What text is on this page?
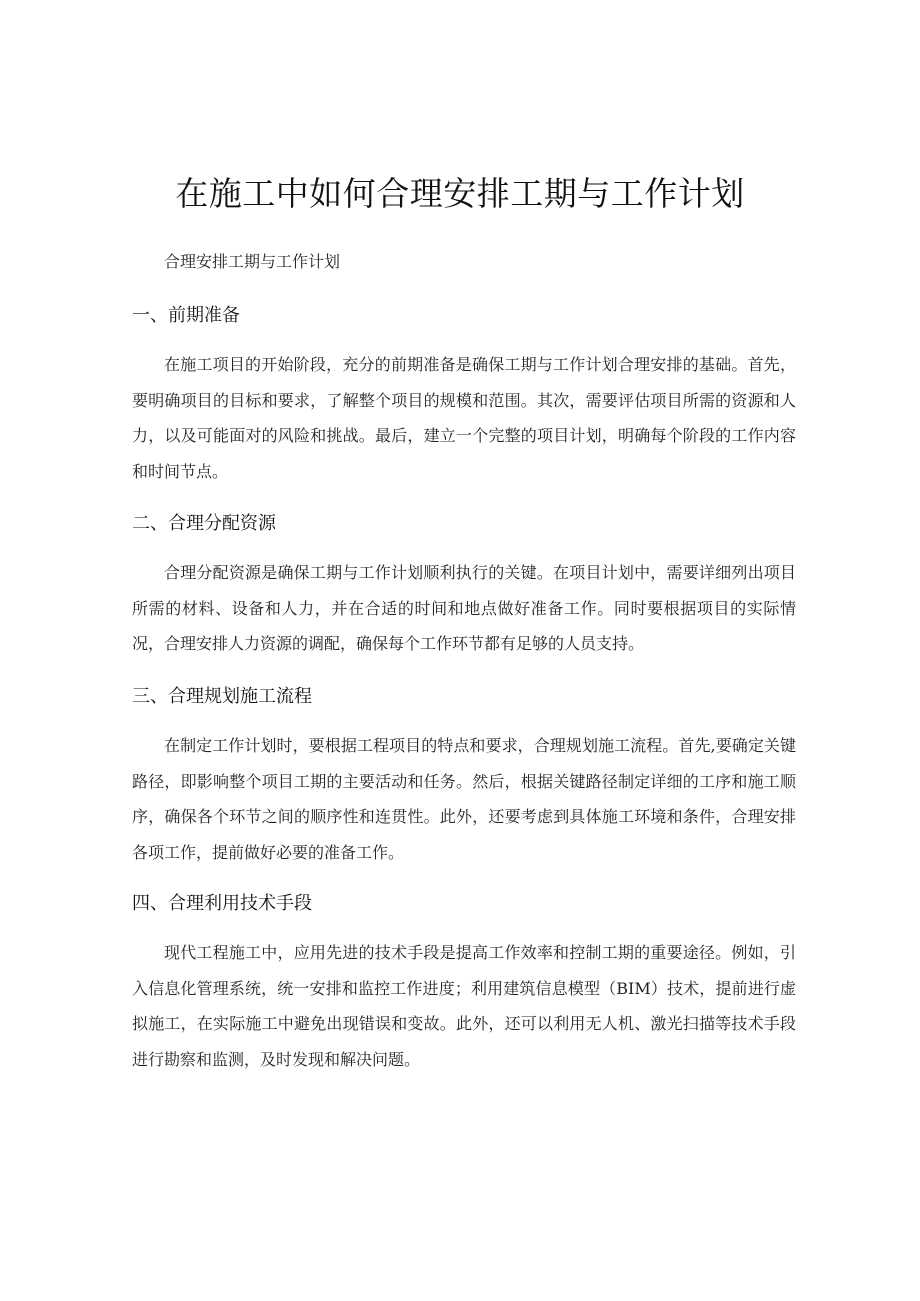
在施工中如何合理安排工期与工作计划

合理安排工期与工作计划

一、前期准备

在施工项目的开始阶段，充分的前期准备是确保工期与工作计划合理安排的基础。首先，要明确项目的目标和要求，了解整个项目的规模和范围。其次，需要评估项目所需的资源和人力，以及可能面对的风险和挑战。最后，建立一个完整的项目计划，明确每个阶段的工作内容和时间节点。

二、合理分配资源

合理分配资源是确保工期与工作计划顺利执行的关键。在项目计划中，需要详细列出项目所需的材料、设备和人力，并在合适的时间和地点做好准备工作。同时要根据项目的实际情况，合理安排人力资源的调配，确保每个工作环节都有足够的人员支持。

三、合理规划施工流程

在制定工作计划时，要根据工程项目的特点和要求，合理规划施工流程。首先,要确定关键路径，即影响整个项目工期的主要活动和任务。然后，根据关键路径制定详细的工序和施工顺序，确保各个环节之间的顺序性和连贯性。此外，还要考虑到具体施工环境和条件，合理安排各项工作，提前做好必要的准备工作。

四、合理利用技术手段

现代工程施工中，应用先进的技术手段是提高工作效率和控制工期的重要途径。例如，引入信息化管理系统，统一安排和监控工作进度；利用建筑信息模型（BIM）技术，提前进行虚拟施工，在实际施工中避免出现错误和变故。此外，还可以利用无人机、激光扫描等技术手段进行勘察和监测，及时发现和解决问题。
